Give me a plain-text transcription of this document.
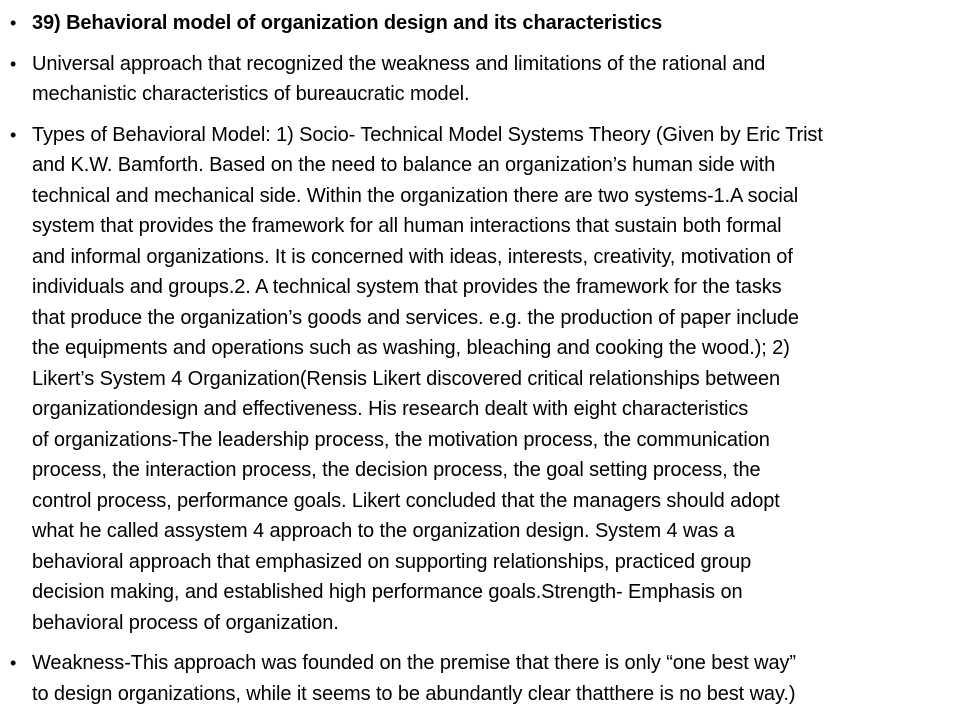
• 39) Behavioral model of organization design and its characteristics
• Universal approach that recognized the weakness and limitations of the rational and
mechanistic characteristics of bureaucratic model.
• Types of Behavioral Model: 1) Socio- Technical Model Systems Theory (Given by Eric Trist
and K.W. Bamforth. Based on the need to balance an organization’s human side with
technical and mechanical side. Within the organization there are two systems-1.A social
system that provides the framework for all human interactions that sustain both formal
and informal organizations. It is concerned with ideas, interests, creativity, motivation of
individuals and groups.2. A technical system that provides the framework for the tasks
that produce the organization’s goods and services. e.g. the production of paper include
the equipments and operations such as washing, bleaching and cooking the wood.); 2)
Likert’s System 4 Organization(Rensis Likert discovered critical relationships between
organizationdesign and effectiveness. His research dealt with eight characteristics
of organizations-The leadership process, the motivation process, the communication
process, the interaction process, the decision process, the goal setting process, the
control process, performance goals. Likert concluded that the managers should adopt
what he called assystem 4 approach to the organization design. System 4 was a
behavioral approach that emphasized on supporting relationships, practiced group
decision making, and established high performance goals.Strength- Emphasis on
behavioral process of organization.
• Weakness-This approach was founded on the premise that there is only “one best way”
to design organizations, while it seems to be abundantly clear thatthere is no best way.)
